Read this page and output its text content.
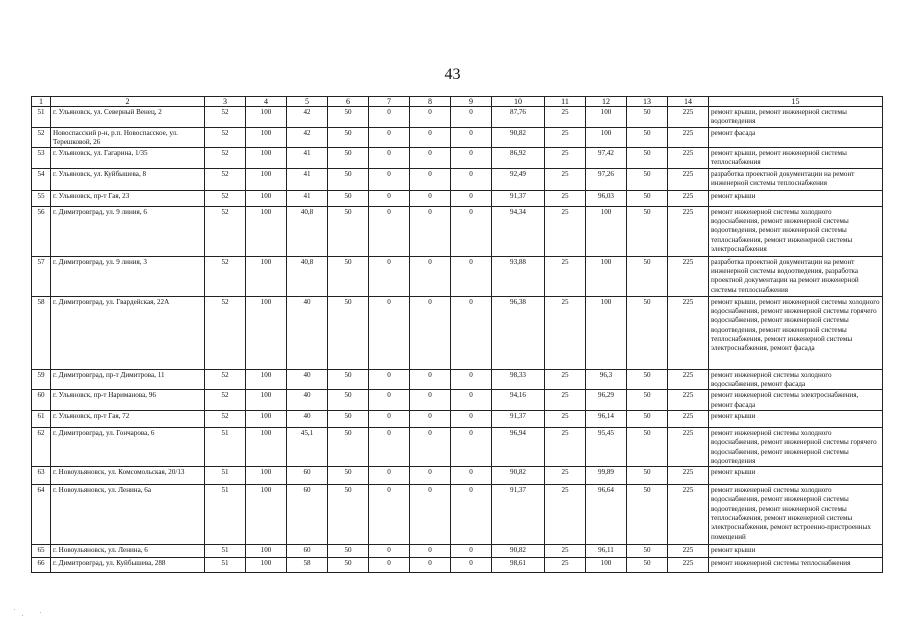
43
1	2	3	4	5	6	7	8	9	10	11	12	13	14	15
51	г. Ульяновск, ул. Северный Венец, 2	52	100	42	50	0	0	0	87,76	25	100	50	225	ремонт крыши, ремонт инженерной системы водоотведения
52	Новоспасский р-н, р.п. Новоспасское, ул. Терешковой, 26	52	100	42	50	0	0	0	90,82	25	100	50	225	ремонт фасада
53	г. Ульяновск, ул. Гагарина, 1/35	52	100	41	50	0	0	0	86,92	25	97,42	50	225	ремонт крыши, ремонт инженерной системы теплоснабжения
54	г. Ульяновск, ул. Куйбышева, 8	52	100	41	50	0	0	0	92,49	25	97,26	50	225	разработка проектной документации на ремонт инженерной системы теплоснабжения
55	г. Ульяновск, пр-т Гая, 23	52	100	41	50	0	0	0	91,37	25	96,03	50	225	ремонт крыши
56	г. Димитровград, ул. 9 линия, 6	52	100	40,8	50	0	0	0	94,34	25	100	50	225	ремонт инженерной системы холодного водоснабжения, ремонт инженерной системы водоотведения, ремонт инженерной системы теплоснабжения, ремонт инженерной системы электроснабжения
57	г. Димитровград, ул. 9 линия, 3	52	100	40,8	50	0	0	0	93,88	25	100	50	225	разработка проектной документации на ремонт инженерной системы водоотведения, разработка проектной документации на ремонт инженерной системы теплоснабжения
58	г. Димитровград, ул. Гвардейская, 22А	52	100	40	50	0	0	0	96,38	25	100	50	225	ремонт крыши, ремонт инженерной системы холодного водоснабжения, ремонт инженерной системы горячего водоснабжения, ремонт инженерной системы водоотведения, ремонт инженерной системы теплоснабжения, ремонт инженерной системы электроснабжения, ремонт фасада
59	г. Димитровград, пр-т Димитрова, 11	52	100	40	50	0	0	0	98,33	25	96,3	50	225	ремонт инженерной системы холодного водоснабжения, ремонт фасада
60	г. Ульяновск, пр-т Нариманова, 96	52	100	40	50	0	0	0	94,16	25	96,29	50	225	ремонт инженерной системы электроснабжения, ремонт фасада
61	г. Ульяновск, пр-т Гая, 72	52	100	40	50	0	0	0	91,37	25	96,14	50	225	ремонт крыши
62	г. Димитровград, ул. Гончарова, 6	51	100	45,1	50	0	0	0	96,94	25	95,45	50	225	ремонт инженерной системы холодного водоснабжения, ремонт инженерной системы горячего водоснабжения, ремонт инженерной системы водоотведения
63	г. Новоульяновск, ул. Комсомольская, 20/13	51	100	60	50	0	0	0	90,82	25	99,89	50	225	ремонт крыши
64	г. Новоульяновск, ул. Ленина, 6а	51	100	60	50	0	0	0	91,37	25	96,64	50	225	ремонт инженерной системы холодного водоснабжения, ремонт инженерной системы водоотведения, ремонт инженерной системы теплоснабжения, ремонт инженерной системы электроснабжения, ремонт встроенно-пристроенных помещений
65	г. Новоульяновск, ул. Ленина, 6	51	100	60	50	0	0	0	90,82	25	96,11	50	225	ремонт крыши
66	г. Димитровград, ул. Куйбышева, 288	51	100	58	50	0	0	0	98,61	25	100	50	225	ремонт инженерной системы теплоснабжения
.
.	.
